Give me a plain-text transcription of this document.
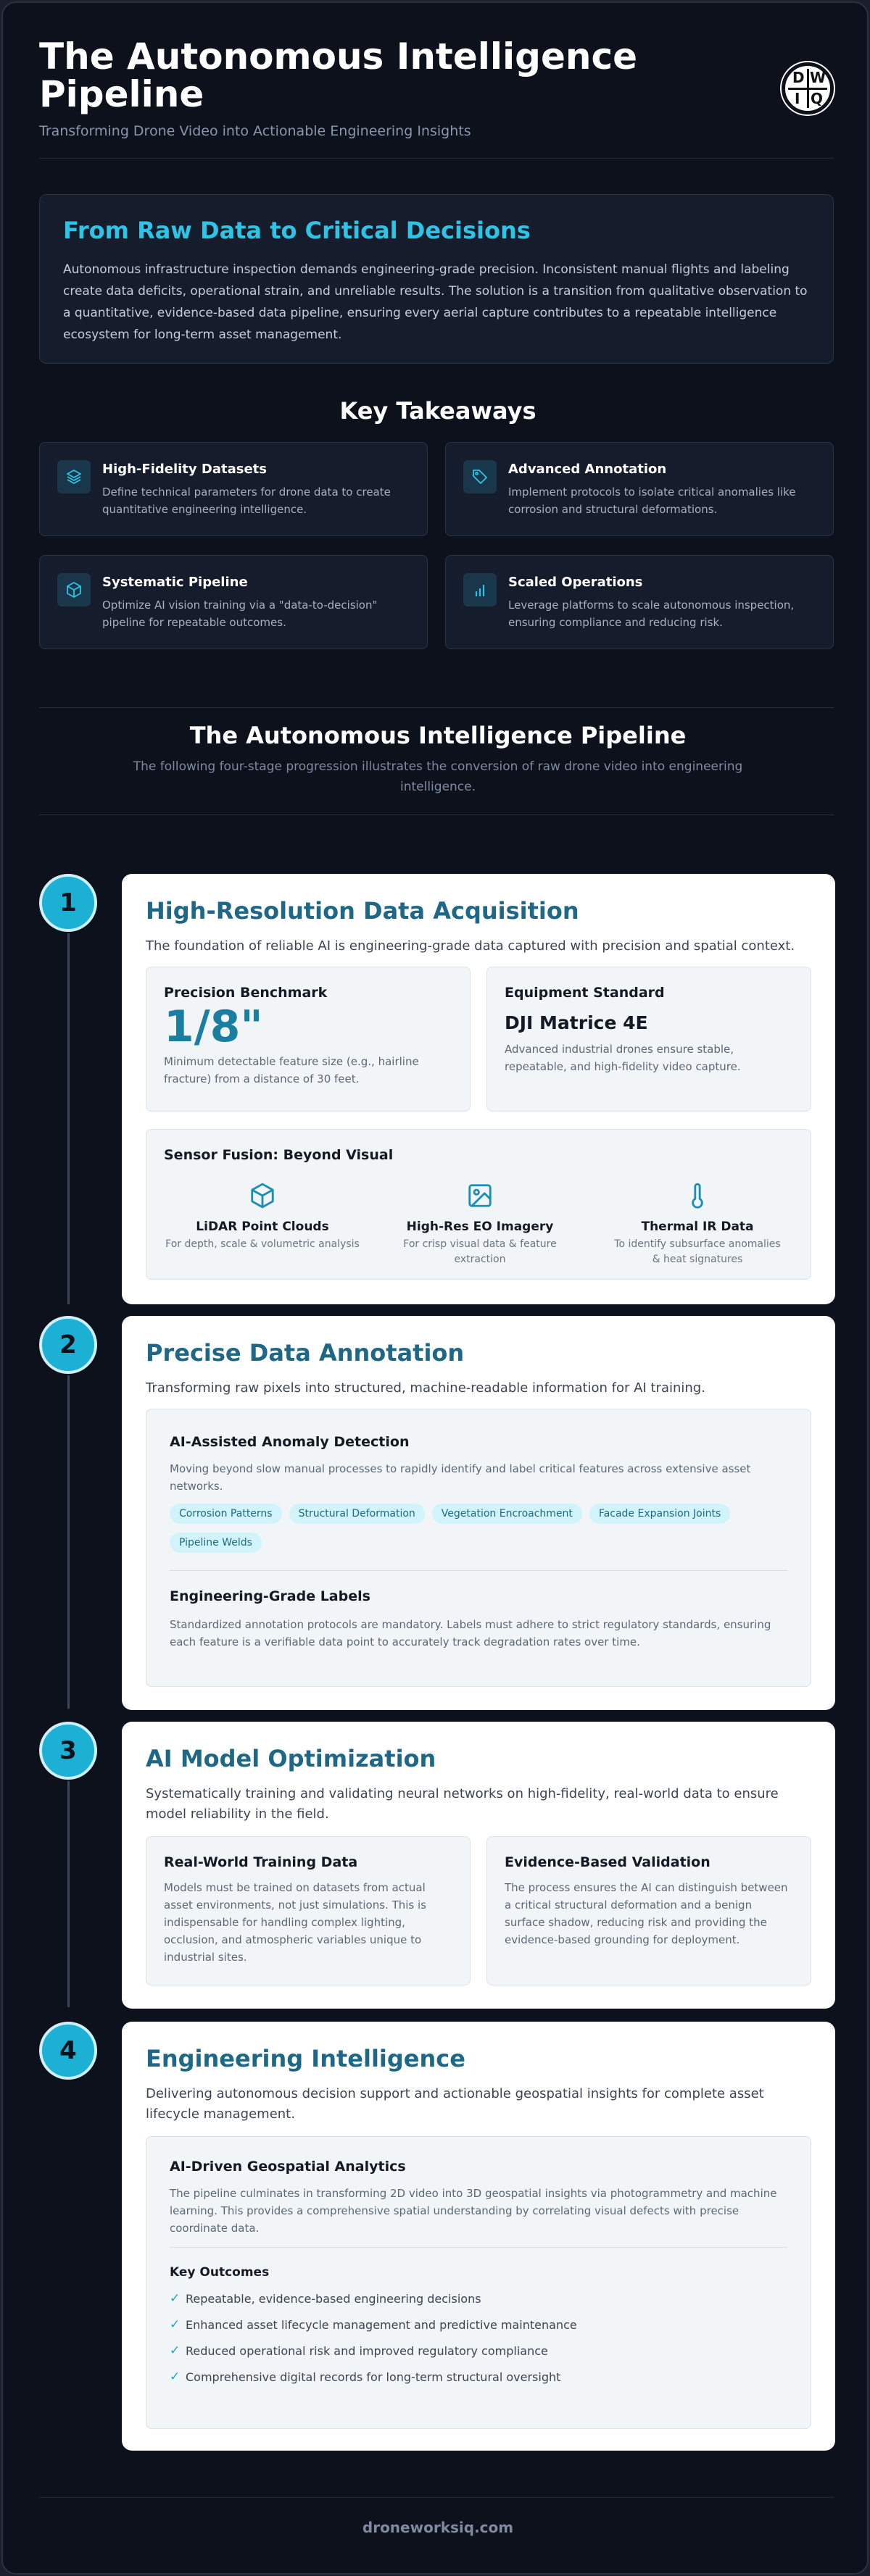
The Autonomous Intelligence Pipeline
Transforming Drone Video into Actionable Engineering Insights
D W
I Q
From Raw Data to Critical Decisions

Autonomous infrastructure inspection demands engineering-grade precision. Inconsistent manual flights and labeling create data deficits, operational strain, and unreliable results. The solution is a transition from qualitative observation to a quantitative, evidence-based data pipeline, ensuring every aerial capture contributes to a repeatable intelligence ecosystem for long-term asset management.

Key Takeaways
High-Fidelity Datasets
Define technical parameters for drone data to create quantitative engineering intelligence.
Advanced Annotation
Implement protocols to isolate critical anomalies like corrosion and structural deformations.
Systematic Pipeline
Optimize AI vision training via a "data-to-decision" pipeline for repeatable outcomes.
Scaled Operations
Leverage platforms to scale autonomous inspection, ensuring compliance and reducing risk.
The Autonomous Intelligence Pipeline
The following four-stage progression illustrates the conversion of raw drone video into engineering intelligence.
1	High-Resolution Data Acquisition
The foundation of reliable AI is engineering-grade data captured with precision and spatial context.
Precision Benchmark
1/8"
Minimum detectable feature size (e.g., hairline fracture) from a distance of 30 feet.
Equipment Standard
DJI Matrice 4E
Advanced industrial drones ensure stable, repeatable, and high-fidelity video capture.
Sensor Fusion: Beyond Visual
LiDAR Point Clouds
For depth, scale & volumetric analysis
High-Res EO Imagery
For crisp visual data & feature extraction
Thermal IR Data
To identify subsurface anomalies & heat signatures
2	Precise Data Annotation
Transforming raw pixels into structured, machine-readable information for AI training.
AI-Assisted Anomaly Detection
Moving beyond slow manual processes to rapidly identify and label critical features across extensive asset networks.
Corrosion Patterns	Structural Deformation	Vegetation Encroachment	Facade Expansion JointsPipeline Welds
Engineering-Grade Labels
Standardized annotation protocols are mandatory. Labels must adhere to strict regulatory standards, ensuring each feature is a verifiable data point to accurately track degradation rates over time.
3	AI Model Optimization
Systematically training and validating neural networks on high-fidelity, real-world data to ensure model reliability in the field.
Real-World Training Data
Models must be trained on datasets from actual asset environments, not just simulations. This is indispensable for handling complex lighting, occlusion, and atmospheric variables unique to industrial sites.
Evidence-Based Validation
The process ensures the AI can distinguish between a critical structural deformation and a benign surface shadow, reducing risk and providing the evidence-based grounding for deployment.
4	Engineering Intelligence
Delivering autonomous decision support and actionable geospatial insights for complete asset lifecycle management.
AI-Driven Geospatial Analytics
The pipeline culminates in transforming 2D video into 3D geospatial insights via photogrammetry and machine learning. This provides a comprehensive spatial understanding by correlating visual defects with precise coordinate data.
Key Outcomes
✓ Repeatable, evidence-based engineering decisions
✓ Enhanced asset lifecycle management and predictive maintenance
✓ Reduced operational risk and improved regulatory compliance
✓ Comprehensive digital records for long-term structural oversight
droneworksiq.com
